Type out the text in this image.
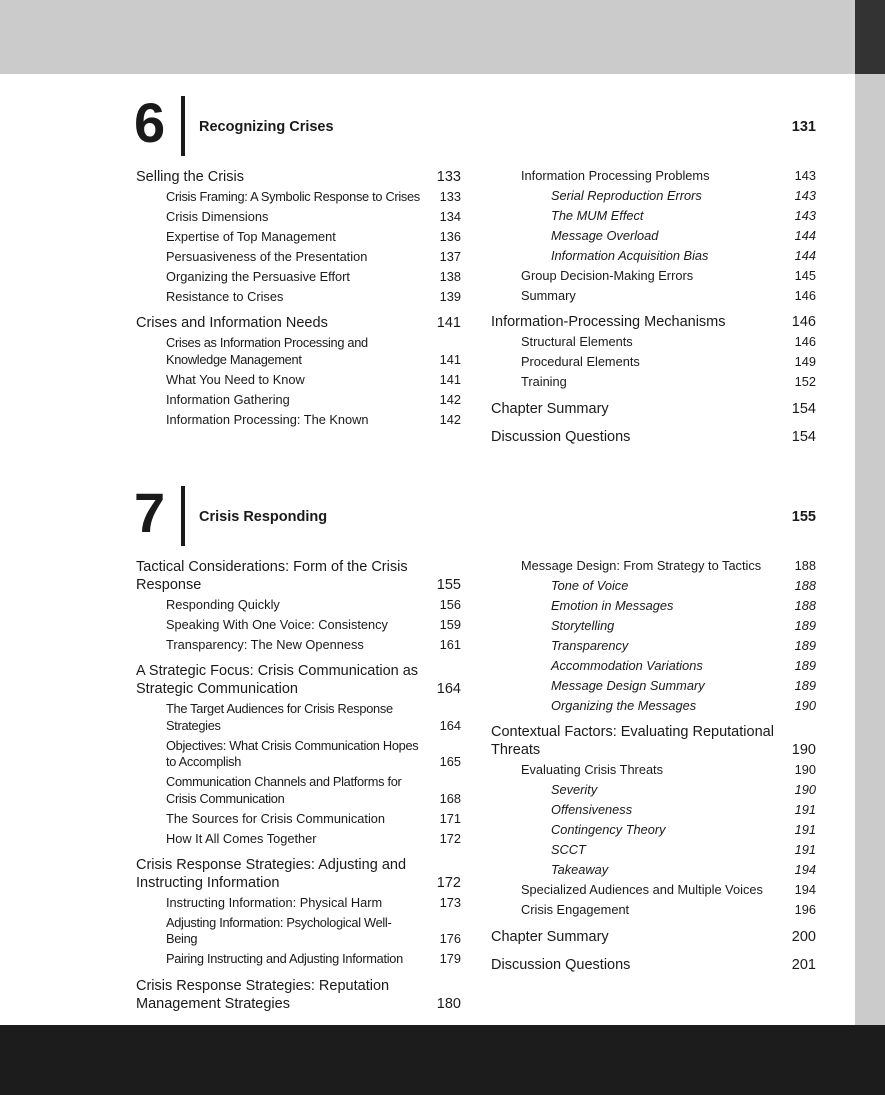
6 Recognizing Crises	131
Selling the Crisis	133
Crisis Framing: A Symbolic Response to Crises 133
Crisis Dimensions	134
Expertise of Top Management	136
Persuasiveness of the Presentation	137
Organizing the Persuasive Effort	138
Resistance to Crises	139
Crises and Information Needs	141
Crises as Information Processing and Knowledge Management	141
What You Need to Know	141
Information Gathering	142
Information Processing: The Known	142
Information Processing Problems	143
Serial Reproduction Errors	143
The MUM Effect	143
Message Overload	144
Information Acquisition Bias	144
Group Decision-Making Errors	145
Summary	146
Information-Processing Mechanisms	146
Structural Elements	146
Procedural Elements	149
Training	152
Chapter Summary	154
Discussion Questions	154
7 Crisis Responding	155
Tactical Considerations: Form of the Crisis Response	155
Responding Quickly	156
Speaking With One Voice: Consistency	159
Transparency: The New Openness	161
A Strategic Focus: Crisis Communication as Strategic Communication	164
The Target Audiences for Crisis Response Strategies	164
Objectives: What Crisis Communication Hopes to Accomplish	165
Communication Channels and Platforms for Crisis Communication	168
The Sources for Crisis Communication	171
How It All Comes Together	172
Crisis Response Strategies: Adjusting and Instructing Information	172
Instructing Information: Physical Harm	173
Adjusting Information: Psychological Well-Being	176
Pairing Instructing and Adjusting Information	179
Crisis Response Strategies: Reputation Management Strategies	180
Message Design: From Strategy to Tactics	188
Tone of Voice	188
Emotion in Messages	188
Storytelling	189
Transparency	189
Accommodation Variations	189
Message Design Summary	189
Organizing the Messages	190
Contextual Factors: Evaluating Reputational Threats	190
Evaluating Crisis Threats	190
Severity	190
Offensiveness	191
Contingency Theory	191
SCCT	191
Takeaway	194
Specialized Audiences and Multiple Voices 194
Crisis Engagement	196
Chapter Summary	200
Discussion Questions	201
